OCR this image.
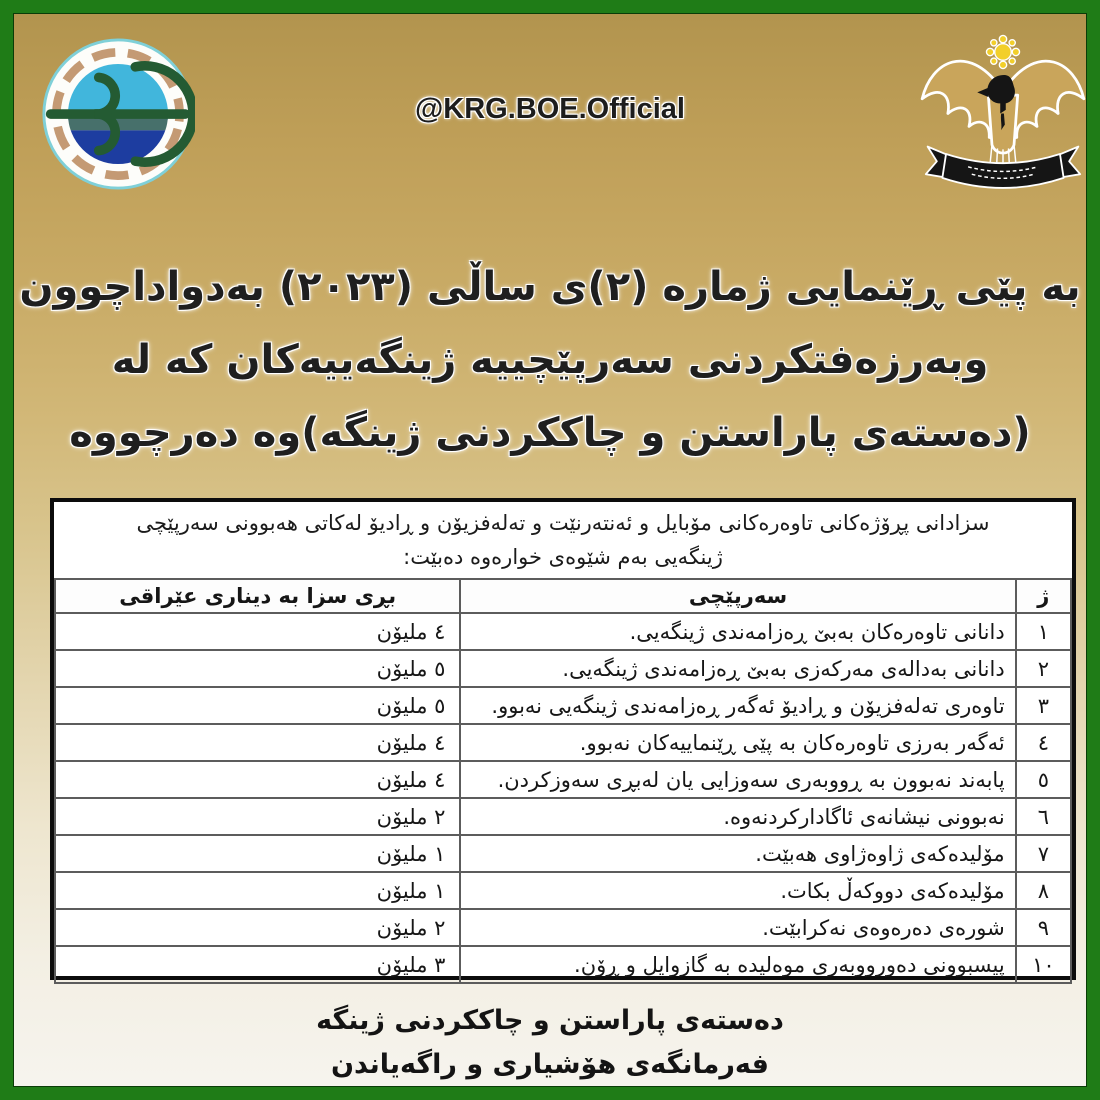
@KRG.BOE.Official
به پێی ڕێنمایی ژماره (٢)ی ساڵی (٢٠٢٣) بەدواداچوون
وبەرزەفتکردنی سەرپێچییه ژینگەییەکان که له
(دەستەی پاراستن و چاککردنی ژینگه)وه دەرچووه
سزادانی پڕۆژەکانی تاوەرەکانی مۆبایل و ئەنتەرنێت و تەلەفزیۆن و ڕادیۆ لەکاتی هەبوونی سەرپێچی
ژینگەیی بەم شێوەی خوارەوە دەبێت:
ژ	سەرپێچی	بڕی سزا به دیناری عێراقی
١	دانانی تاوەرەکان بەبێ ڕەزامەندی ژینگەیی.	٤ ملیۆن
٢	دانانی بەدالەی مەرکەزی بەبێ ڕەزامەندی ژینگەیی.	٥ ملیۆن
٣	تاوەری تەلەفزیۆن و ڕادیۆ ئەگەر ڕەزامەندی ژینگەیی نەبوو.	٥ ملیۆن
٤	ئەگەر بەرزی تاوەرەکان به پێی ڕێنماییەکان نەبوو.	٤ ملیۆن
٥	پابەند نەبوون به ڕووبەری سەوزایی یان لەبڕی سەوزکردن.	٤ ملیۆن
٦	نەبوونی نیشانەی ئاگادارکردنەوه.	٢ ملیۆن
٧	مۆلیدەکەی ژاوەژاوی هەبێت.	١ ملیۆن
٨	مۆلیدەکەی دووکەڵ بکات.	١ ملیۆن
٩	شورەی دەرەوەی نەکرابێت.	٢ ملیۆن
١٠	پیسبوونی دەورووبەری موەلیده به گازوایل و ڕۆن.	٣ ملیۆن
دەستەی پاراستن و چاککردنی ژینگه
فەرمانگەی هۆشیاری و راگەیاندن
